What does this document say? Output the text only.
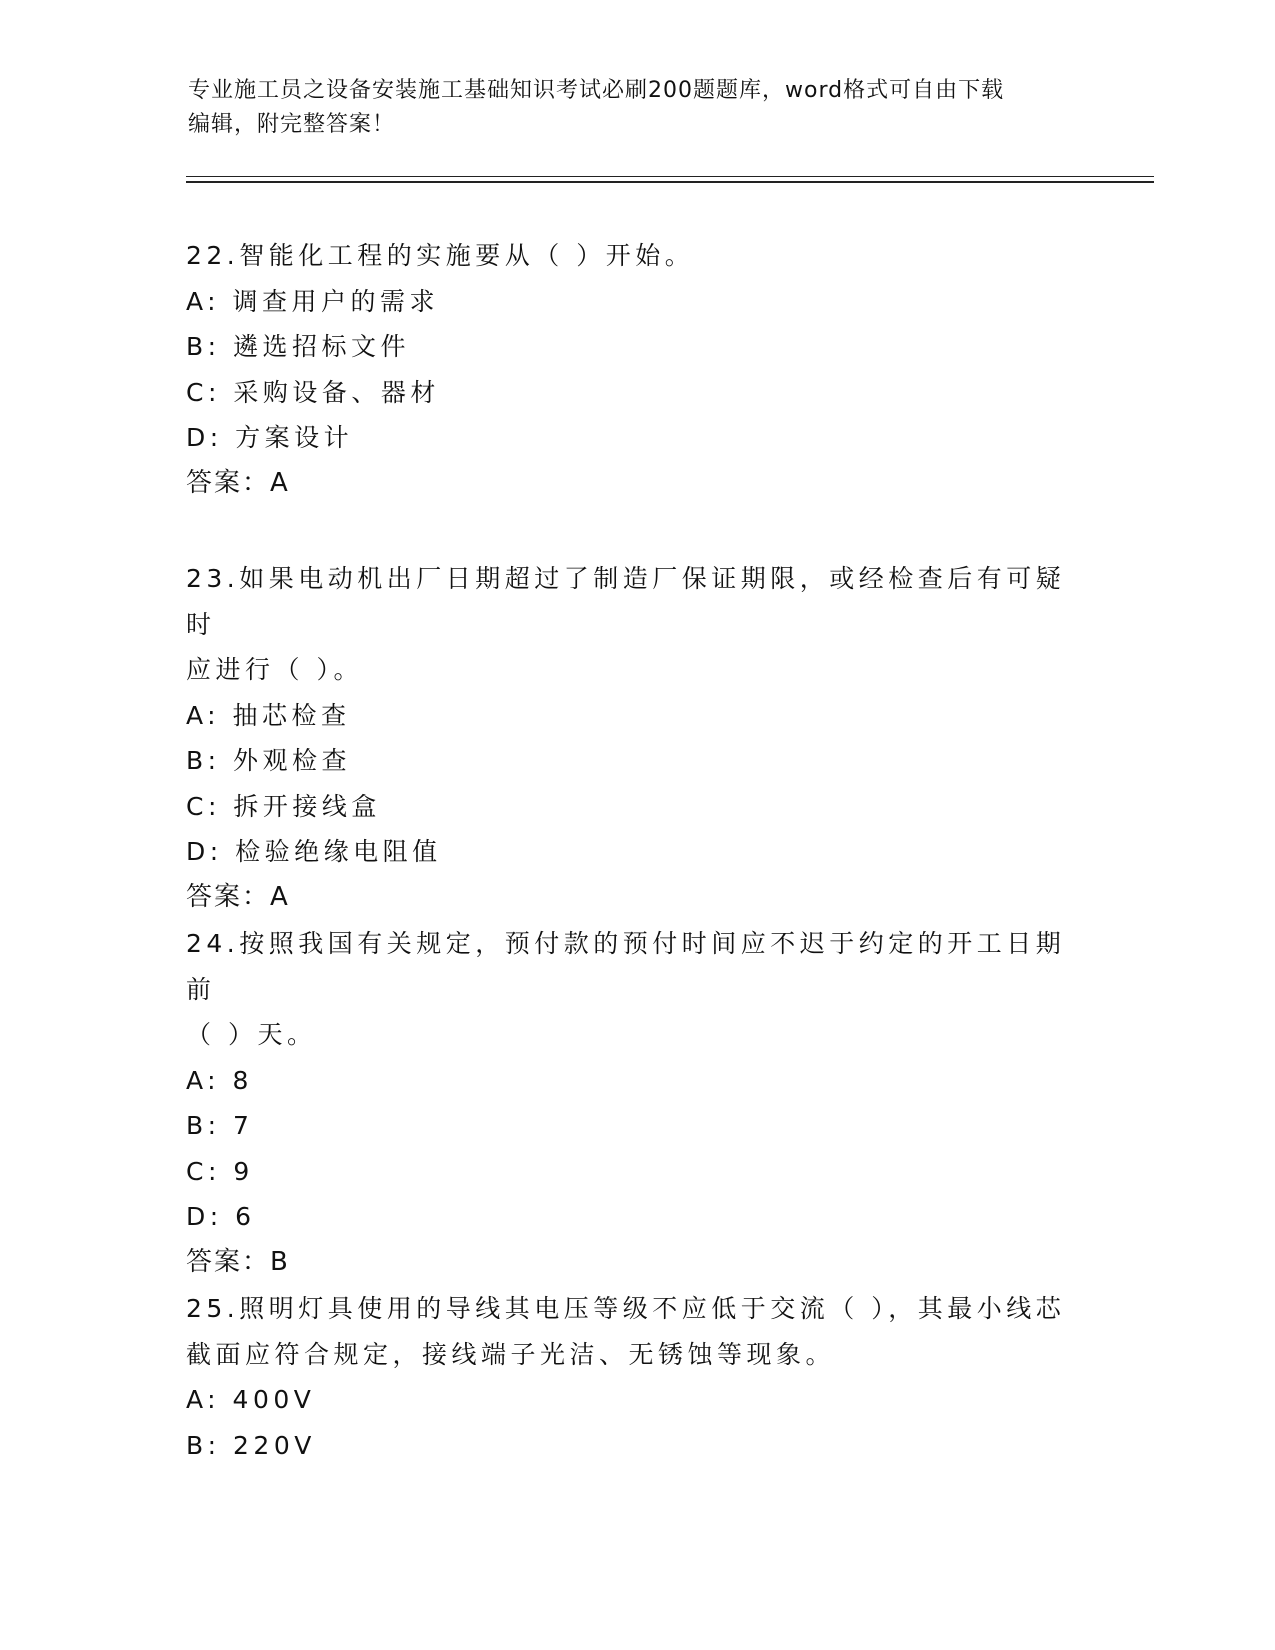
专业施工员之设备安装施工基础知识考试必刷200题题库，word格式可自由下载
编辑，附完整答案！

22.智能化工程的实施要从（ ）开始。

A: 调查用户的需求

B: 遴选招标文件

C: 采购设备、器材

D: 方案设计

答案：A

23.如果电动机出厂日期超过了制造厂保证期限，或经检查后有可疑时

应进行（ ）。

A: 抽芯检查

B: 外观检查

C: 拆开接线盒

D: 检验绝缘电阻值

答案：A

24.按照我国有关规定，预付款的预付时间应不迟于约定的开工日期前

（ ）天。

A: 8

B: 7

C: 9

D: 6

答案：B

25.照明灯具使用的导线其电压等级不应低于交流（ ），其最小线芯

截面应符合规定，接线端子光洁、无锈蚀等现象。

A: 400V

B: 220V
